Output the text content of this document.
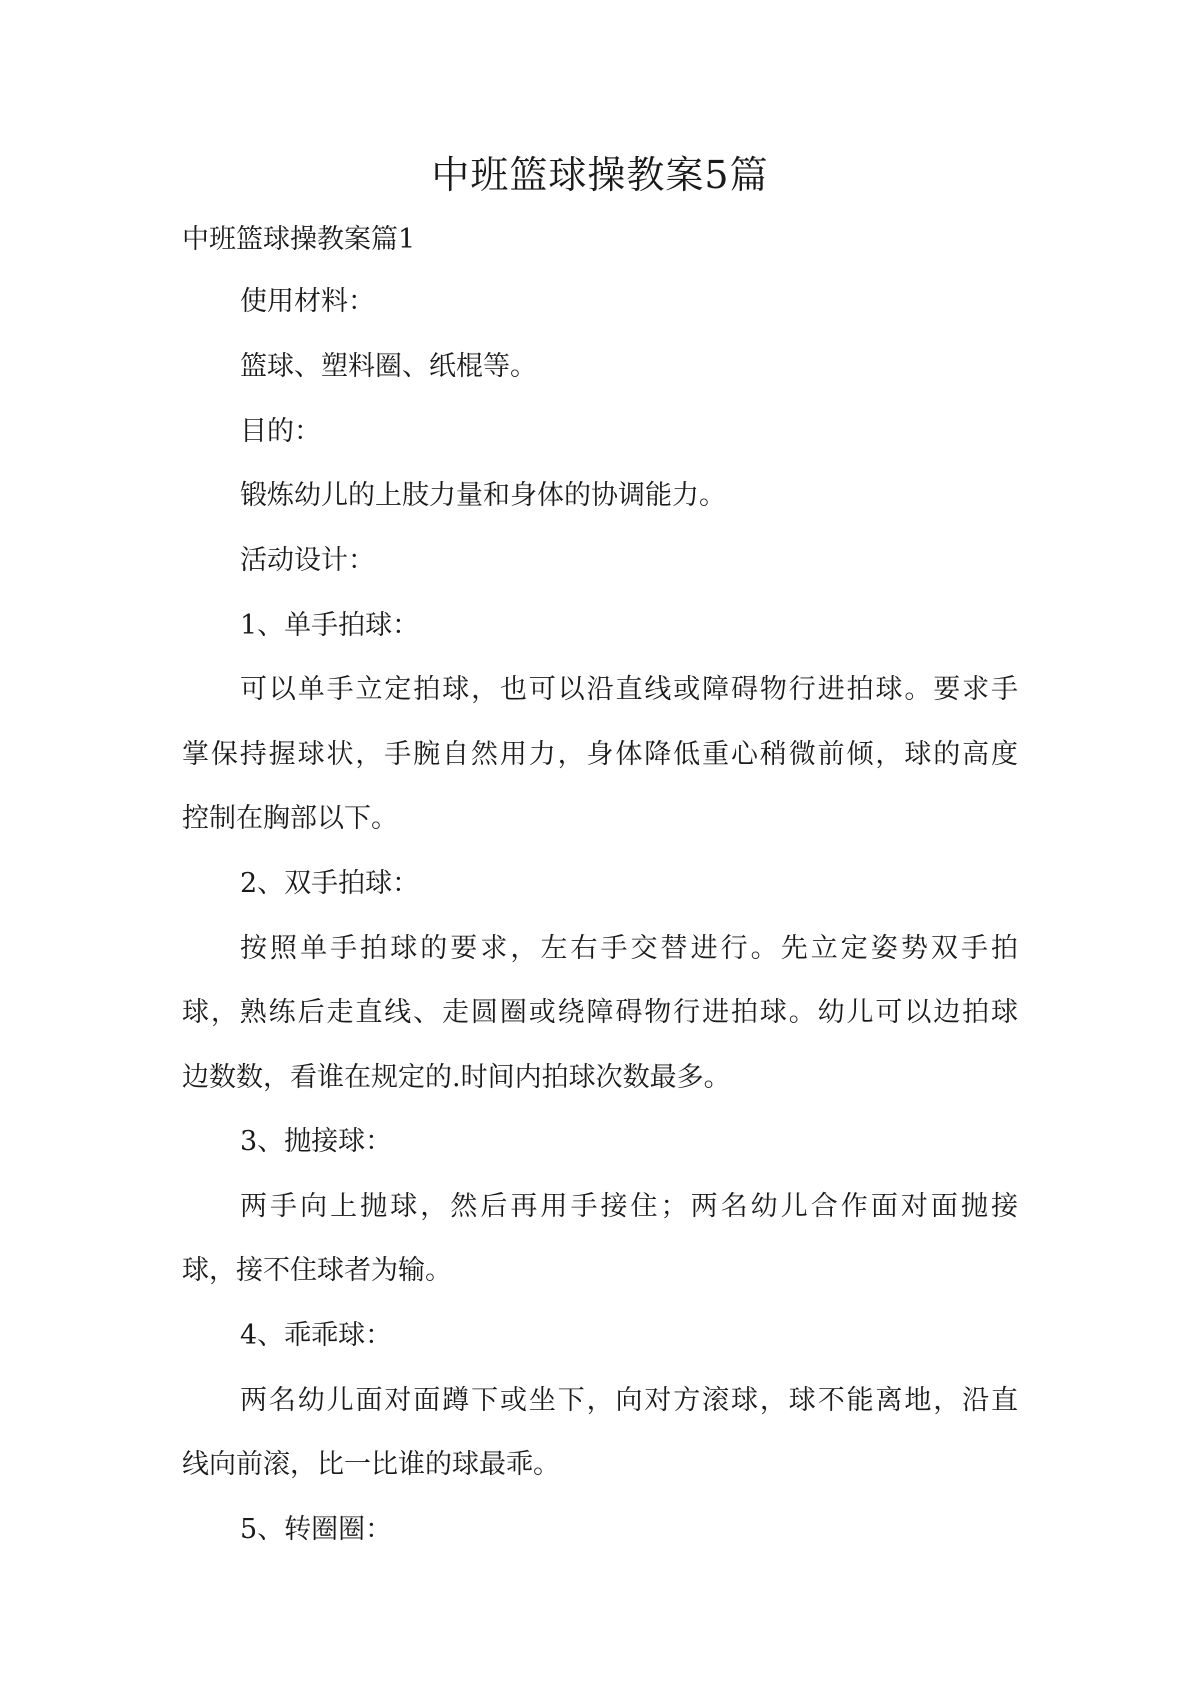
中班篮球操教案5篇
中班篮球操教案篇1
使用材料：
篮球、塑料圈、纸棍等。
目的：
锻炼幼儿的上肢力量和身体的协调能力。
活动设计：
1、单手拍球：
可以单手立定拍球，也可以沿直线或障碍物行进拍球。要求手
掌保持握球状，手腕自然用力，身体降低重心稍微前倾，球的高度
控制在胸部以下。
2、双手拍球：
按照单手拍球的要求，左右手交替进行。先立定姿势双手拍
球，熟练后走直线、走圆圈或绕障碍物行进拍球。幼儿可以边拍球
边数数，看谁在规定的.时间内拍球次数最多。
3、抛接球：
两手向上抛球，然后再用手接住；两名幼儿合作面对面抛接
球，接不住球者为输。
4、乖乖球：
两名幼儿面对面蹲下或坐下，向对方滚球，球不能离地，沿直
线向前滚，比一比谁的球最乖。
5、转圈圈：
